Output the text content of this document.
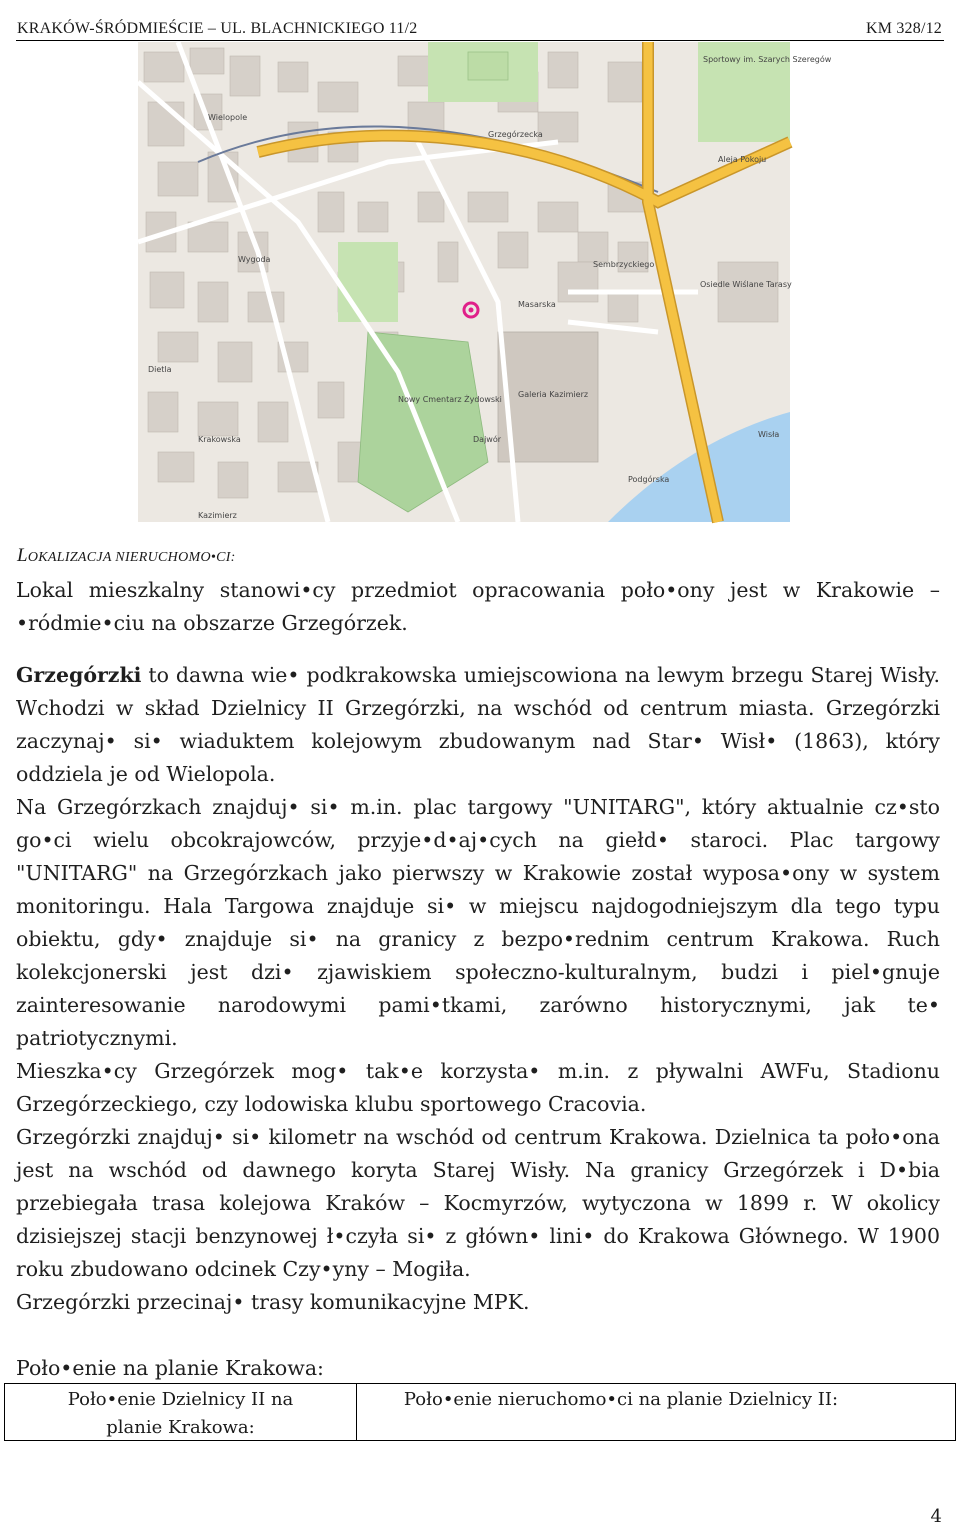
KRAKÓW-ŚRÓDMIEŚCIE – UL. BLACHNICKIEGO 11/2	KM 328/12
Wielopole
Wygoda
Dietla
Krakowska
Grzegórzecka
Masarska
Podgórska
Nowy Cmentarz Żydowski
Galeria Kazimierz
Osiedle Wiślane Tarasy
Sportowy im. Szarych Szeregów
Wisła
Kazimierz
Sembrzyckiego
Aleja Pokoju
Dajwór
LOKALIZACJA NIERUCHOMO•CI:
Lokal mieszkalny stanowi•cy przedmiot opracowania poło•ony jest w Krakowie – •ródmie•ciu na obszarze Grzegórzek.
Grzegórzki to dawna wie• podkrakowska umiejscowiona na lewym brzegu Starej Wisły. Wchodzi w skład Dzielnicy II Grzegórzki, na wschód od centrum miasta. Grzegórzki zaczynaj• si• wiaduktem kolejowym zbudowanym nad Star• Wisł• (1863), który oddziela je od Wielopola.
Na Grzegórzkach znajduj• si• m.in. plac targowy "UNITARG", który aktualnie cz•sto go•ci wielu obcokrajowców, przyje•d•aj•cych na giełd• staroci. Plac targowy "UNITARG" na Grzegórzkach jako pierwszy w Krakowie został wyposa•ony w system monitoringu. Hala Targowa znajduje si• w miejscu najdogodniejszym dla tego typu obiektu, gdy• znajduje si• na granicy z bezpo•rednim centrum Krakowa. Ruch kolekcjonerski jest dzi• zjawiskiem społeczno-kulturalnym, budzi i piel•gnuje zainteresowanie narodowymi pami•tkami, zarówno historycznymi, jak te• patriotycznymi.
Mieszka•cy Grzegórzek mog• tak•e korzysta• m.in. z pływalni AWFu, Stadionu Grzegórzeckiego, czy lodowiska klubu sportowego Cracovia.
Grzegórzki znajduj• si• kilometr na wschód od centrum Krakowa. Dzielnica ta poło•ona jest na wschód od dawnego koryta Starej Wisły. Na granicy Grzegórzek i D•bia przebiegała trasa kolejowa Kraków – Kocmyrzów, wytyczona w 1899 r. W okolicy dzisiejszej stacji benzynowej ł•czyła si• z główn• lini• do Krakowa Głównego. W 1900 roku zbudowano odcinek Czy•yny – Mogiła.
Grzegórzki przecinaj• trasy komunikacyjne MPK.
Poło•enie na planie Krakowa:
Poło•enie Dzielnicy II na planie Krakowa:
Poło•enie nieruchomo•ci na planie Dzielnicy II:
4
